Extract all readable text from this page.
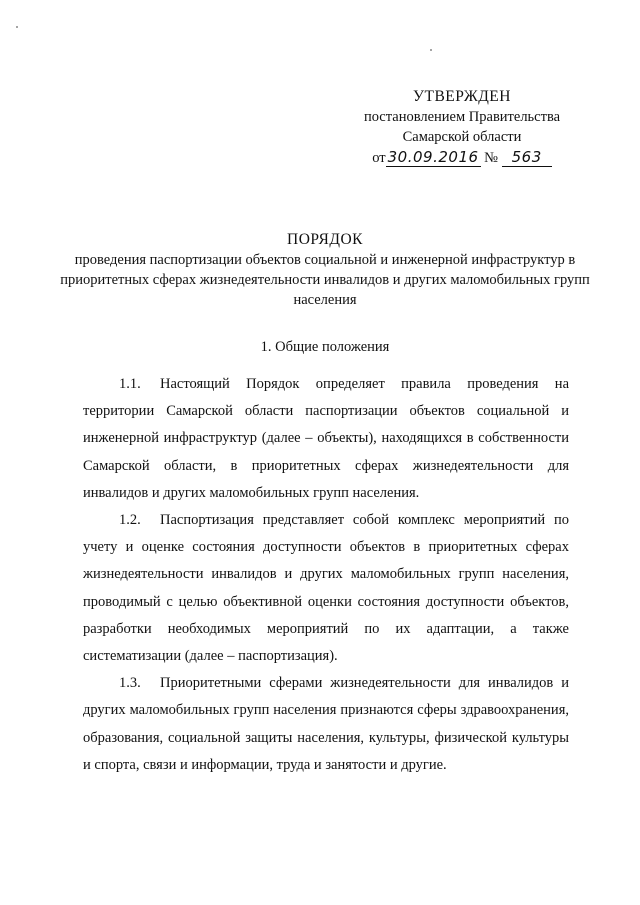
УТВЕРЖДЕН
постановлением Правительства
Самарской области
от 30.09.2016 № 563
ПОРЯДОК
проведения паспортизации объектов социальной и инженерной инфраструктур в приоритетных сферах жизнедеятельности инвалидов и других маломобильных групп населения
1. Общие положения

1.1. Настоящий Порядок определяет правила проведения на территории Самарской области паспортизации объектов социальной и инженерной инфраструктур (далее – объекты), находящихся в собственности Самарской области, в приоритетных сферах жизнедеятельности для инвалидов и других маломобильных групп населения.

1.2. Паспортизация представляет собой комплекс мероприятий по учету и оценке состояния доступности объектов в приоритетных сферах жизнедеятельности инвалидов и других маломобильных групп населения, проводимый с целью объективной оценки состояния доступности объектов, разработки необходимых мероприятий по их адаптации, а также систематизации (далее – паспортизация).

1.3. Приоритетными сферами жизнедеятельности для инвалидов и других маломобильных групп населения признаются сферы здравоохранения, образования, социальной защиты населения, культуры, физической культуры и спорта, связи и информации, труда и занятости и другие.
